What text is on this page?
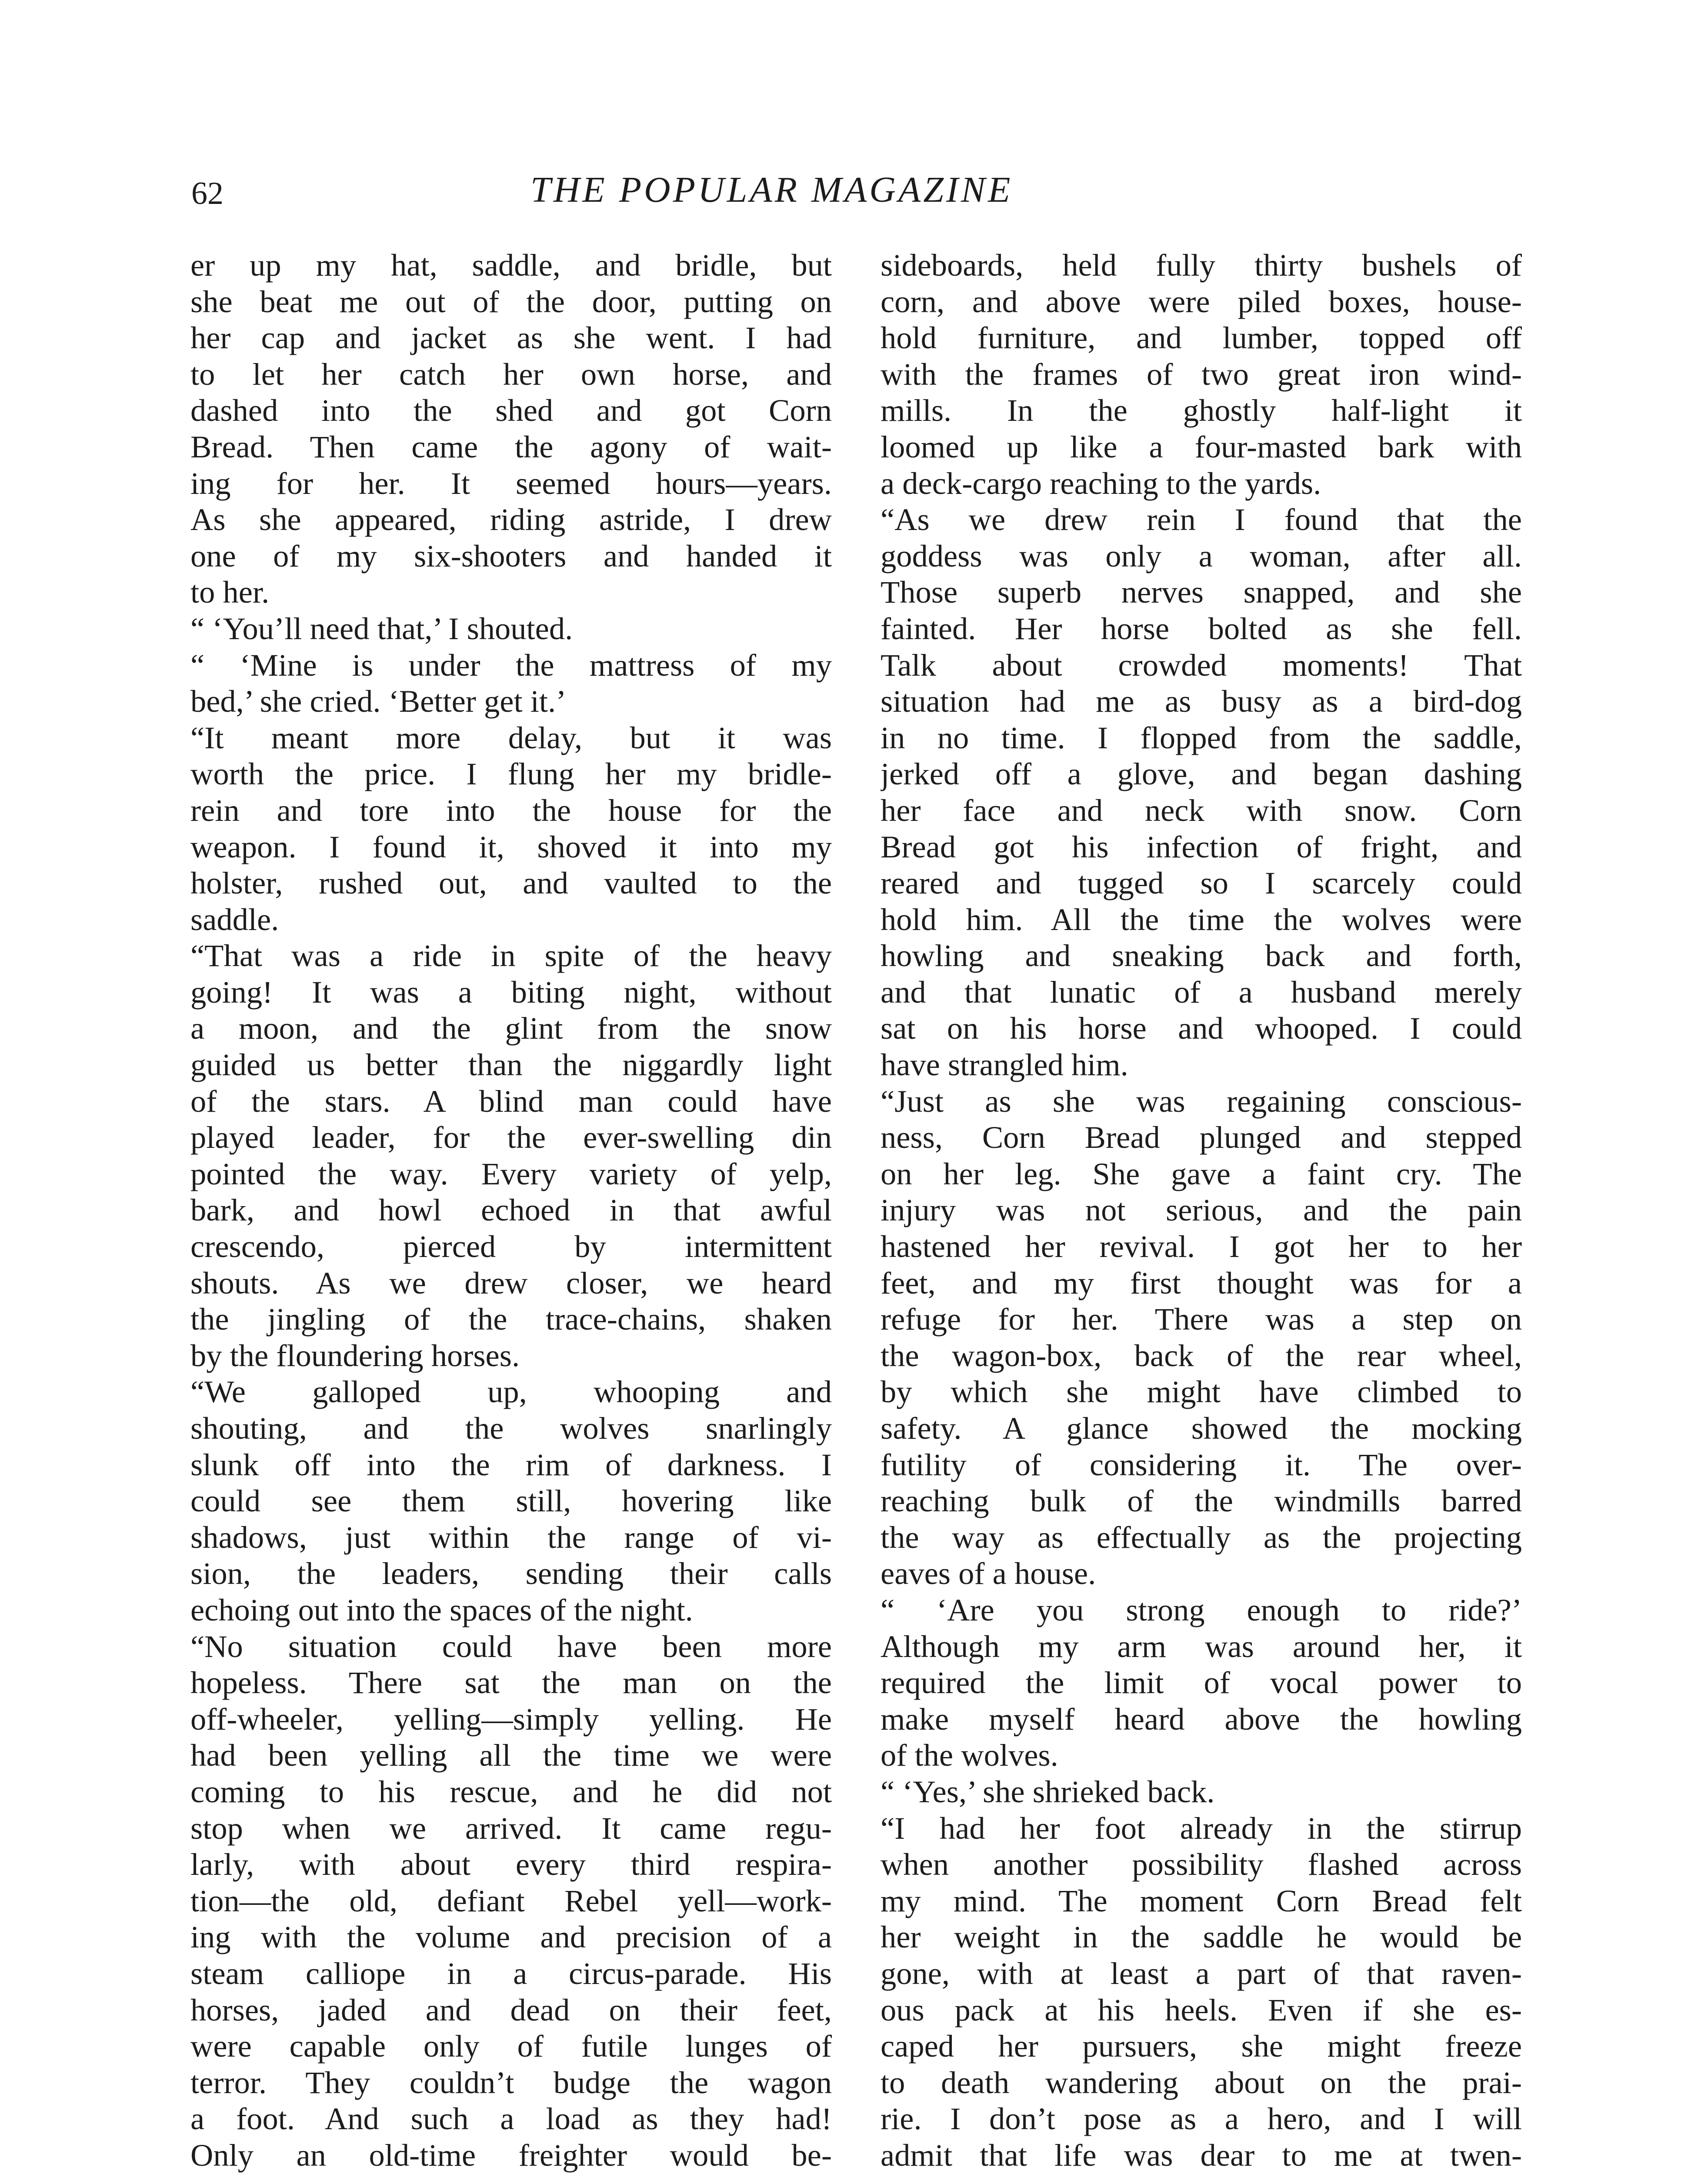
62	THE POPULAR MAGAZINE
er up my hat, saddle, and bridle, but
she beat me out of the door, putting on
her cap and jacket as she went. I had
to let her catch her own horse, and
dashed into the shed and got Corn
Bread. Then came the agony of wait-
ing for her. It seemed hours—years.
As she appeared, riding astride, I drew
one of my six-shooters and handed it
to her.
“ ‘You’ll need that,’ I shouted.
“ ‘Mine is under the mattress of my
bed,’ she cried. ‘Better get it.’
“It meant more delay, but it was
worth the price. I flung her my bridle-
rein and tore into the house for the
weapon. I found it, shoved it into my
holster, rushed out, and vaulted to the
saddle.
“That was a ride in spite of the heavy
going! It was a biting night, without
a moon, and the glint from the snow
guided us better than the niggardly light
of the stars. A blind man could have
played leader, for the ever-swelling din
pointed the way. Every variety of yelp,
bark, and howl echoed in that awful
crescendo, pierced by intermittent
shouts. As we drew closer, we heard
the jingling of the trace-chains, shaken
by the floundering horses.
“We galloped up, whooping and
shouting, and the wolves snarlingly
slunk off into the rim of darkness. I
could see them still, hovering like
shadows, just within the range of vi-
sion, the leaders, sending their calls
echoing out into the spaces of the night.
“No situation could have been more
hopeless. There sat the man on the
off-wheeler, yelling—simply yelling. He
had been yelling all the time we were
coming to his rescue, and he did not
stop when we arrived. It came regu-
larly, with about every third respira-
tion—the old, defiant Rebel yell—work-
ing with the volume and precision of a
steam calliope in a circus-parade. His
horses, jaded and dead on their feet,
were capable only of futile lunges of
terror. They couldn’t budge the wagon
a foot. And such a load as they had!
Only an old-time freighter would be-
sideboards, held fully thirty bushels of
corn, and above were piled boxes, house-
hold furniture, and lumber, topped off
with the frames of two great iron wind-
mills. In the ghostly half-light it
loomed up like a four-masted bark with
a deck-cargo reaching to the yards.
“As we drew rein I found that the
goddess was only a woman, after all.
Those superb nerves snapped, and she
fainted. Her horse bolted as she fell.
Talk about crowded moments! That
situation had me as busy as a bird-dog
in no time. I flopped from the saddle,
jerked off a glove, and began dashing
her face and neck with snow. Corn
Bread got his infection of fright, and
reared and tugged so I scarcely could
hold him. All the time the wolves were
howling and sneaking back and forth,
and that lunatic of a husband merely
sat on his horse and whooped. I could
have strangled him.
“Just as she was regaining conscious-
ness, Corn Bread plunged and stepped
on her leg. She gave a faint cry. The
injury was not serious, and the pain
hastened her revival. I got her to her
feet, and my first thought was for a
refuge for her. There was a step on
the wagon-box, back of the rear wheel,
by which she might have climbed to
safety. A glance showed the mocking
futility of considering it. The over-
reaching bulk of the windmills barred
the way as effectually as the projecting
eaves of a house.
“ ‘Are you strong enough to ride?’
Although my arm was around her, it
required the limit of vocal power to
make myself heard above the howling
of the wolves.
“ ‘Yes,’ she shrieked back.
“I had her foot already in the stirrup
when another possibility flashed across
my mind. The moment Corn Bread felt
her weight in the saddle he would be
gone, with at least a part of that raven-
ous pack at his heels. Even if she es-
caped her pursuers, she might freeze
to death wandering about on the prai-
rie. I don’t pose as a hero, and I will
admit that life was dear to me at twen-
